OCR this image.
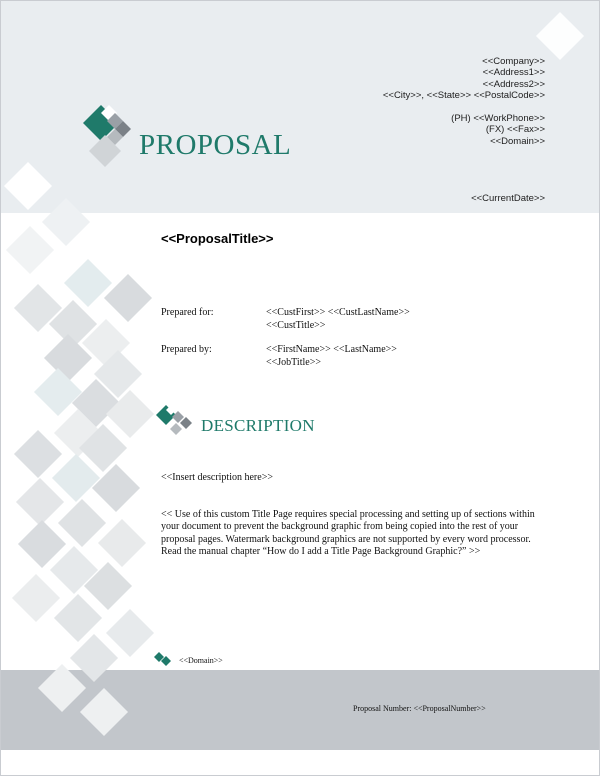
<<Company>>
<<Address1>>
<<Address2>>
<<City>>, <<State>> <<PostalCode>>
(PH) <<WorkPhone>>
(FX) <<Fax>>
<<Domain>>
<<CurrentDate>>
PROPOSAL
<<ProposalTitle>>
Prepared for:	<<CustFirst>> <<CustLastName>>
<<CustTitle>>
Prepared by:	<<FirstName>> <<LastName>>
<<JobTitle>>
DESCRIPTION
<<Insert description here>>
<< Use of this custom Title Page requires special processing and setting up of sections within your document to prevent the background graphic from being copied into the rest of your proposal pages. Watermark background graphics are not supported by every word processor. Read the manual chapter “How do I add a Title Page Background Graphic?” >>
<<Domain>>
Proposal Number: <<ProposalNumber>>
